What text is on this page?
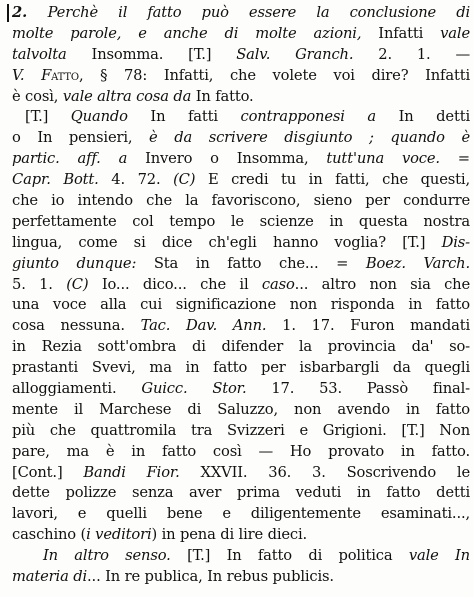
2. Perchè il fatto può essere la conclusione di
molte parole, e anche di molte azioni, Infatti vale
talvolta Insomma. [T.] Salv. Granch. 2. 1. —
V. Fatto, § 78: Infatti, che volete voi dire? Infatti
è così, vale altra cosa da In fatto.
[T.] Quando In fatti contrapponesi a In detti
o In pensieri, è da scrivere disgiunto ; quando è
partic. aff. a Invero o Insomma, tutt'una voce. =
Capr. Bott. 4. 72. (C) E credi tu in fatti, che questi,
che io intendo che la favoriscono, sieno per condurre
perfettamente col tempo le scienze in questa nostra
lingua, come si dice ch'egli hanno voglia? [T.] Dis-
giunto dunque: Sta in fatto che... = Boez. Varch.
5. 1. (C) Io... dico... che il caso... altro non sia che
una voce alla cui significazione non risponda in fatto
cosa nessuna. Tac. Dav. Ann. 1. 17. Furon mandati
in Rezia sott'ombra di difender la provincia da' so-
prastanti Svevi, ma in fatto per isbarbargli da quegli
alloggiamenti. Guicc. Stor. 17. 53. Passò final-
mente il Marchese di Saluzzo, non avendo in fatto
più che quattromila tra Svizzeri e Grigioni. [T.] Non
pare, ma è in fatto così — Ho provato in fatto.
[Cont.] Bandi Fior. XXVII. 36. 3. Soscrivendo le
dette polizze senza aver prima veduti in fatto detti
lavori, e quelli bene e diligentemente esaminati...,
caschino (i veditori) in pena di lire dieci.
In altro senso. [T.] In fatto di politica vale In
materia di... In re publica, In rebus publicis.
